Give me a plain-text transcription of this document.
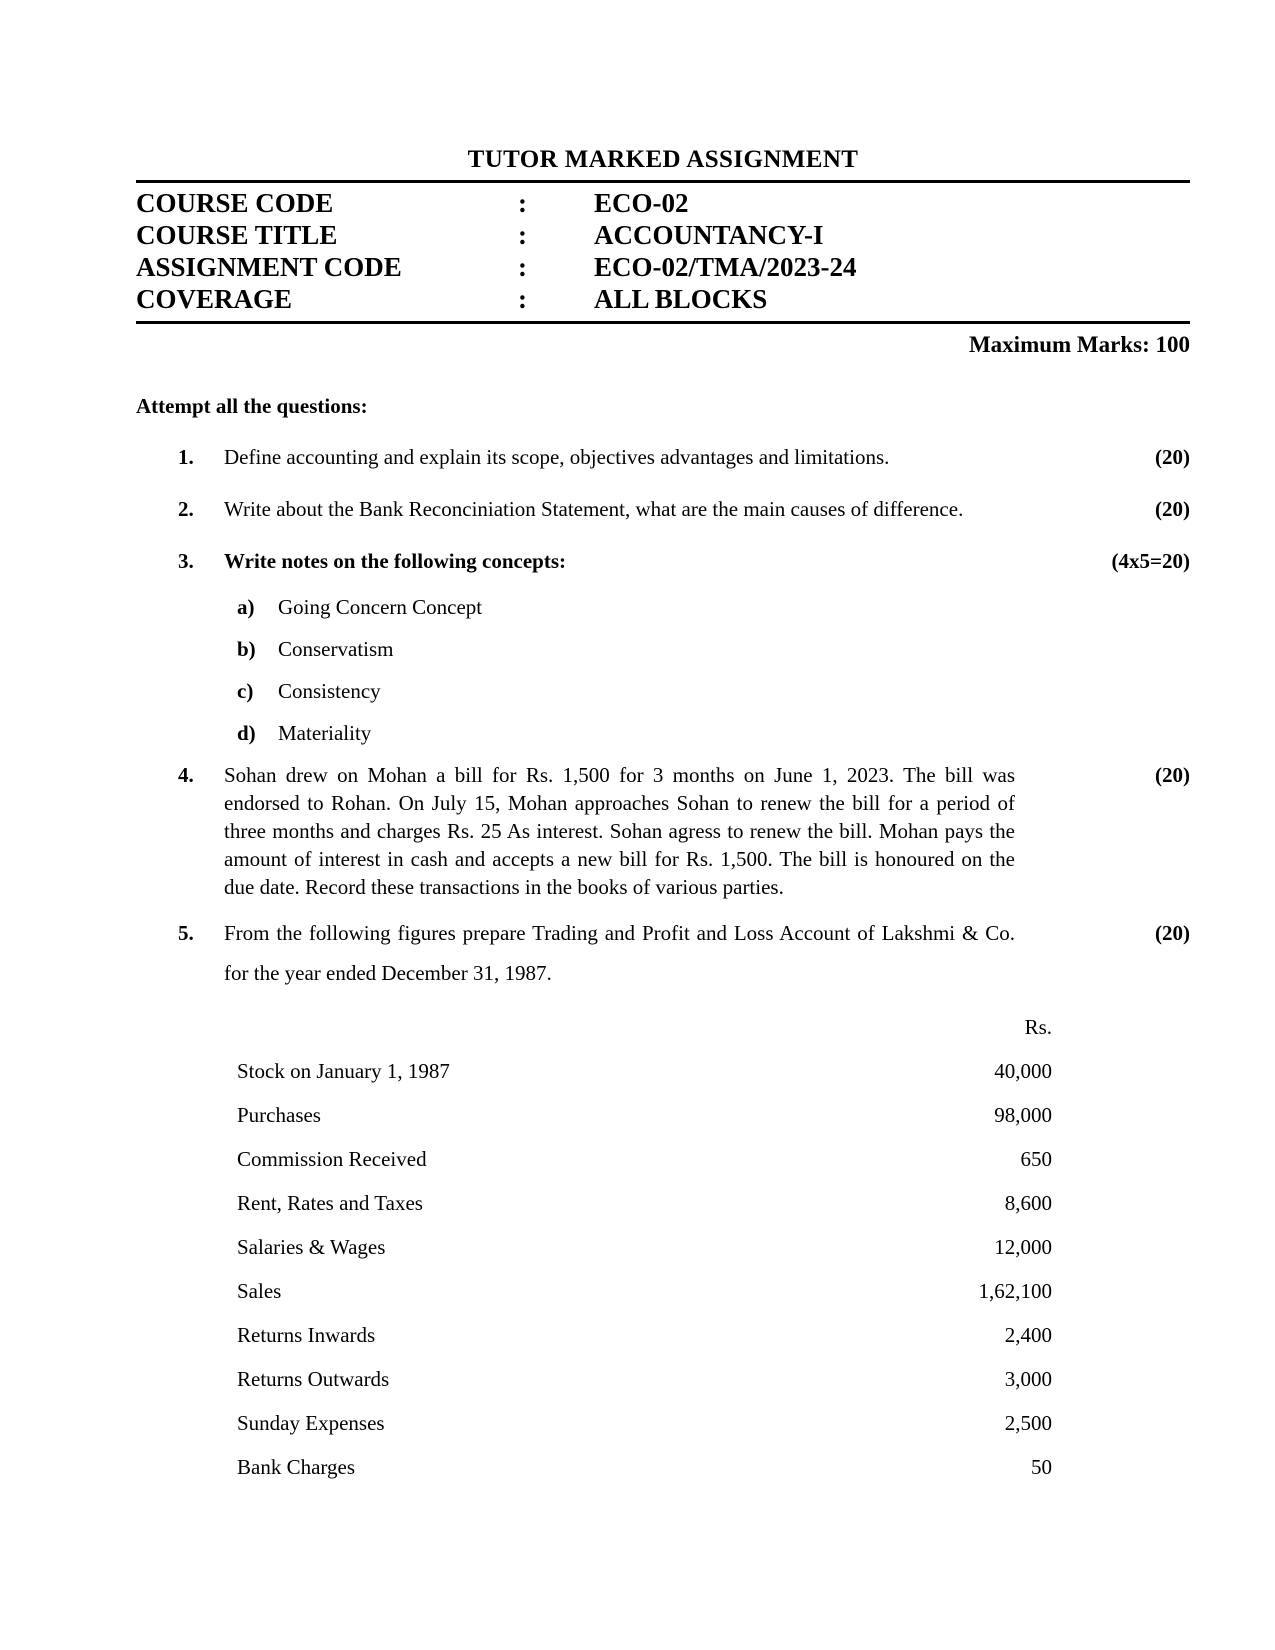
TUTOR MARKED ASSIGNMENT
COURSE CODE	:	ECO-02
COURSE TITLE	:	ACCOUNTANCY-I
ASSIGNMENT CODE	:	ECO-02/TMA/2023-24
COVERAGE	:	ALL BLOCKS
Maximum Marks: 100
Attempt all the questions:
1.	Define accounting and explain its scope, objectives advantages and limitations.	(20)
2.	Write about the Bank Reconciniation Statement, what are the main causes of difference.	(20)
3.	Write notes on the following concepts:	(4x5=20)
a)	Going Concern Concept
b)	Conservatism
c)	Consistency
d)	Materiality
4.	Sohan drew on Mohan a bill for Rs. 1,500 for 3 months on June 1, 2023. The bill was endorsed to Rohan. On July 15, Mohan approaches Sohan to renew the bill for a period of three months and charges Rs. 25 As interest. Sohan agress to renew the bill. Mohan pays the amount of interest in cash and accepts a new bill for Rs. 1,500. The bill is honoured on the due date. Record these transactions in the books of various parties.
(20)
5.	From the following figures prepare Trading and Profit and Loss Account of Lakshmi & Co. for the year ended December 31, 1987.
(20)
Rs.
Stock on January 1, 1987	40,000
Purchases	98,000
Commission Received	650
Rent, Rates and Taxes	8,600
Salaries & Wages	12,000
Sales	1,62,100
Returns Inwards	2,400
Returns Outwards	3,000
Sunday Expenses	2,500
Bank Charges	50
